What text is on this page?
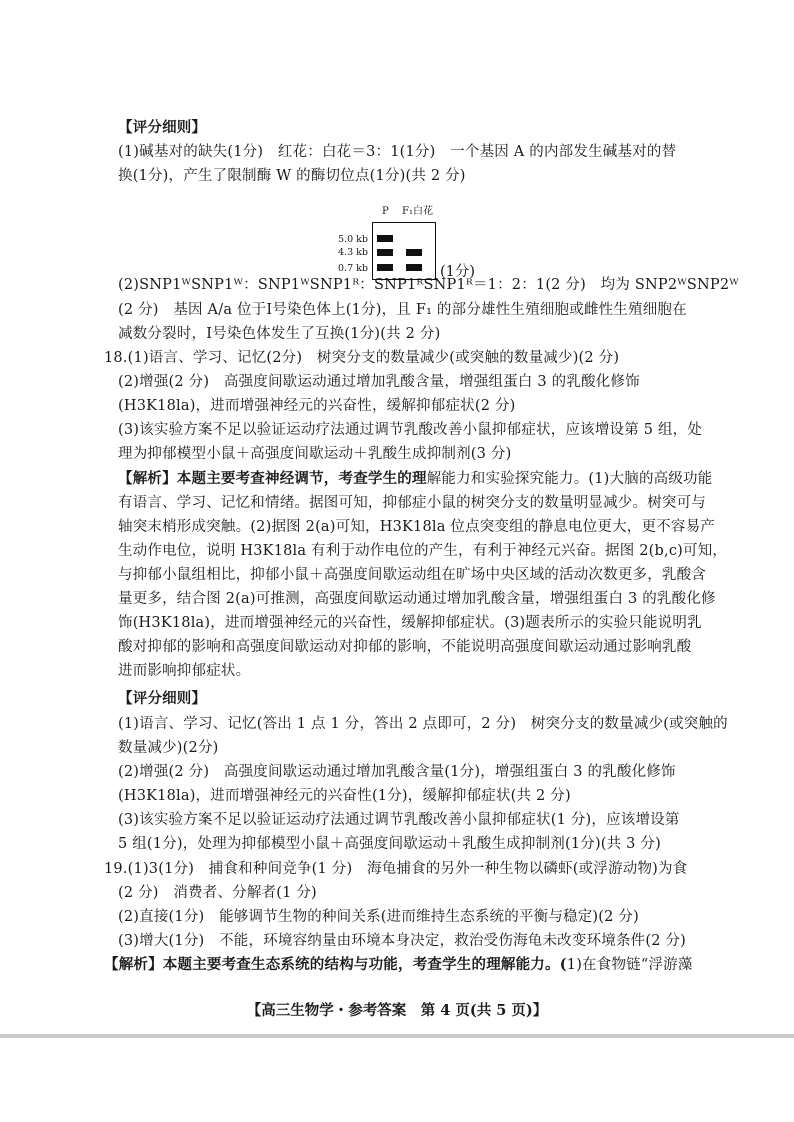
【评分细则】
(1)碱基对的缺失(1分)　红花：白花＝3：1(1分)　一个基因 A 的内部发生碱基对的替
换(1分)，产生了限制酶 W 的酶切位点(1分)(共 2 分)
(2)SNP1ᵂSNP1ᵂ：SNP1ᵂSNP1ᴿ：SNP1ᴿSNP1ᴿ＝1：2：1(2 分)　均为 SNP2ᵂSNP2ᵂ
(2 分)　基因 A/a 位于Ⅰ号染色体上(1分)，且 F₁ 的部分雄性生殖细胞或雌性生殖细胞在
减数分裂时，Ⅰ号染色体发生了互换(1分)(共 2 分)
18.(1)语言、学习、记忆(2分)　树突分支的数量减少(或突触的数量减少)(2 分)
(2)增强(2 分)　高强度间歇运动通过增加乳酸含量，增强组蛋白 3 的乳酸化修饰
(H3K18la)，进而增强神经元的兴奋性，缓解抑郁症状(2 分)
(3)该实验方案不足以验证运动疗法通过调节乳酸改善小鼠抑郁症状，应该增设第 5 组，处
理为抑郁模型小鼠＋高强度间歇运动＋乳酸生成抑制剂(3 分)
【解析】本题主要考查神经调节，考查学生的理解能力和实验探究能力。(1)大脑的高级功能
有语言、学习、记忆和情绪。据图可知，抑郁症小鼠的树突分支的数量明显减少。树突可与
轴突末梢形成突触。(2)据图 2(a)可知，H3K18la 位点突变组的静息电位更大，更不容易产
生动作电位，说明 H3K18la 有利于动作电位的产生，有利于神经元兴奋。据图 2(b,c)可知，
与抑郁小鼠组相比，抑郁小鼠＋高强度间歇运动组在旷场中央区域的活动次数更多，乳酸含
量更多，结合图 2(a)可推测，高强度间歇运动通过增加乳酸含量，增强组蛋白 3 的乳酸化修
饰(H3K18la)，进而增强神经元的兴奋性，缓解抑郁症状。(3)题表所示的实验只能说明乳
酸对抑郁的影响和高强度间歇运动对抑郁的影响，不能说明高强度间歇运动通过影响乳酸
进而影响抑郁症状。
【评分细则】
(1)语言、学习、记忆(答出 1 点 1 分，答出 2 点即可，2 分)　树突分支的数量减少(或突触的
数量减少)(2分)
(2)增强(2 分)　高强度间歇运动通过增加乳酸含量(1分)，增强组蛋白 3 的乳酸化修饰
(H3K18la)，进而增强神经元的兴奋性(1分)，缓解抑郁症状(共 2 分)
(3)该实验方案不足以验证运动疗法通过调节乳酸改善小鼠抑郁症状(1 分)，应该增设第
5 组(1分)，处理为抑郁模型小鼠＋高强度间歇运动＋乳酸生成抑制剂(1分)(共 3 分)
19.(1)3(1分)　捕食和种间竞争(1 分)　海龟捕食的另外一种生物以磷虾(或浮游动物)为食
(2 分)　消费者、分解者(1 分)
(2)直接(1分)　能够调节生物的种间关系(进而维持生态系统的平衡与稳定)(2 分)
(3)增大(1分)　不能，环境容纳量由环境本身决定，救治受伤海龟未改变环境条件(2 分)
【解析】本题主要考查生态系统的结构与功能，考查学生的理解能力。(1)在食物链“浮游藻
P F₁白花
5.0 kb
4.3 kb
0.7 kb	(1分)
【高三生物学・参考答案　第 4 页(共 5 页)】
